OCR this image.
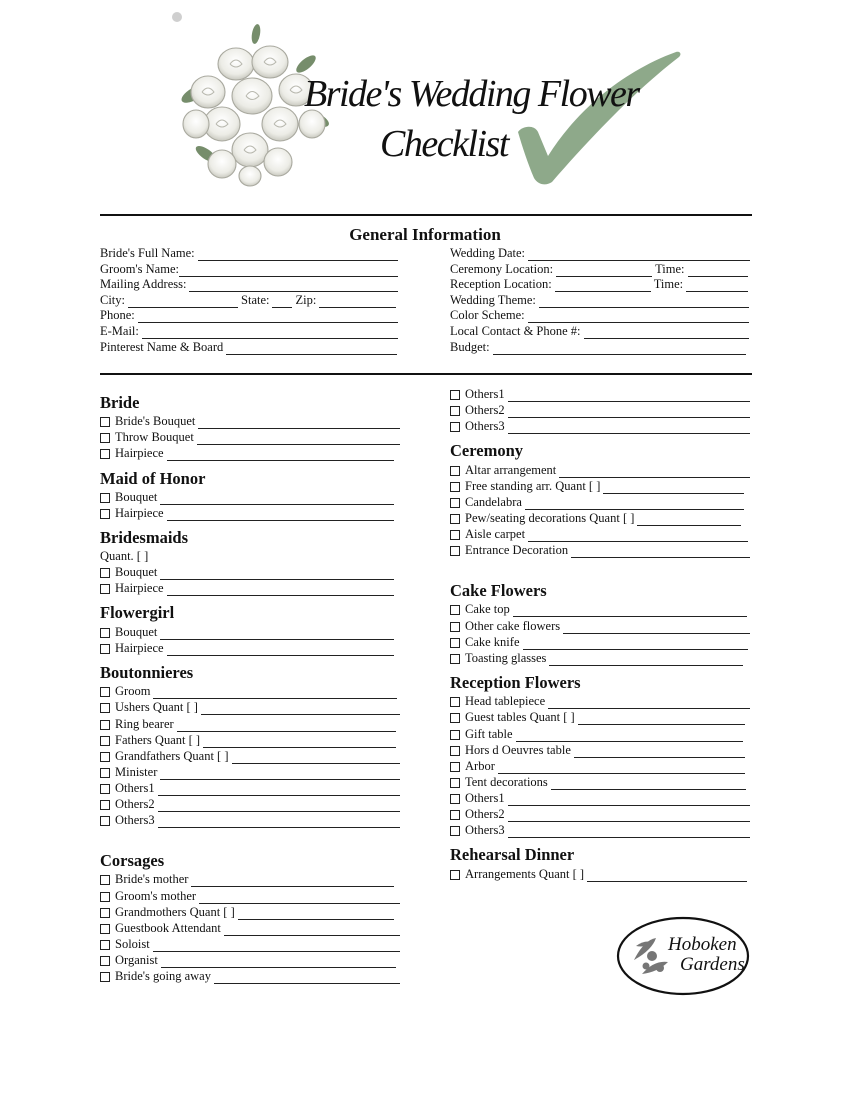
Bride's Wedding Flower
Checklist
General Information
Bride's Full Name:
Groom's Name:
Mailing Address:
City:	State: Zip:
Phone:
E-Mail:
Pinterest Name & Board
Wedding Date:
Ceremony Location:	Time:
Reception Location:	Time:
Wedding Theme:
Color Scheme:
Local Contact & Phone #:
Budget:
Bride
Bride's Bouquet
Throw Bouquet
Hairpiece
Maid of Honor
Bouquet
Hairpiece
Bridesmaids
Quant. [ ]
Bouquet
Hairpiece
Flowergirl
Bouquet
Hairpiece
Boutonnieres
Groom
Ushers Quant [ ]
Ring bearer
Fathers Quant [ ]
Grandfathers Quant [ ]
Minister
Others1
Others2
Others3
Corsages
Bride's mother
Groom's mother
Grandmothers Quant [ ]
Guestbook Attendant
Soloist
Organist
Bride's going away
Others1
Others2
Others3
Ceremony
Altar arrangement
Free standing arr. Quant [ ]
Candelabra
Pew/seating decorations Quant [ ]
Aisle carpet
Entrance Decoration
Cake Flowers
Cake top
Other cake flowers
Cake knife
Toasting glasses
Reception Flowers
Head tablepiece
Guest tables Quant [ ]
Gift table
Hors d Oeuvres table
Arbor
Tent decorations
Others1
Others2
Others3
Rehearsal Dinner
Arrangements Quant [ ]
Hoboken
Gardens
